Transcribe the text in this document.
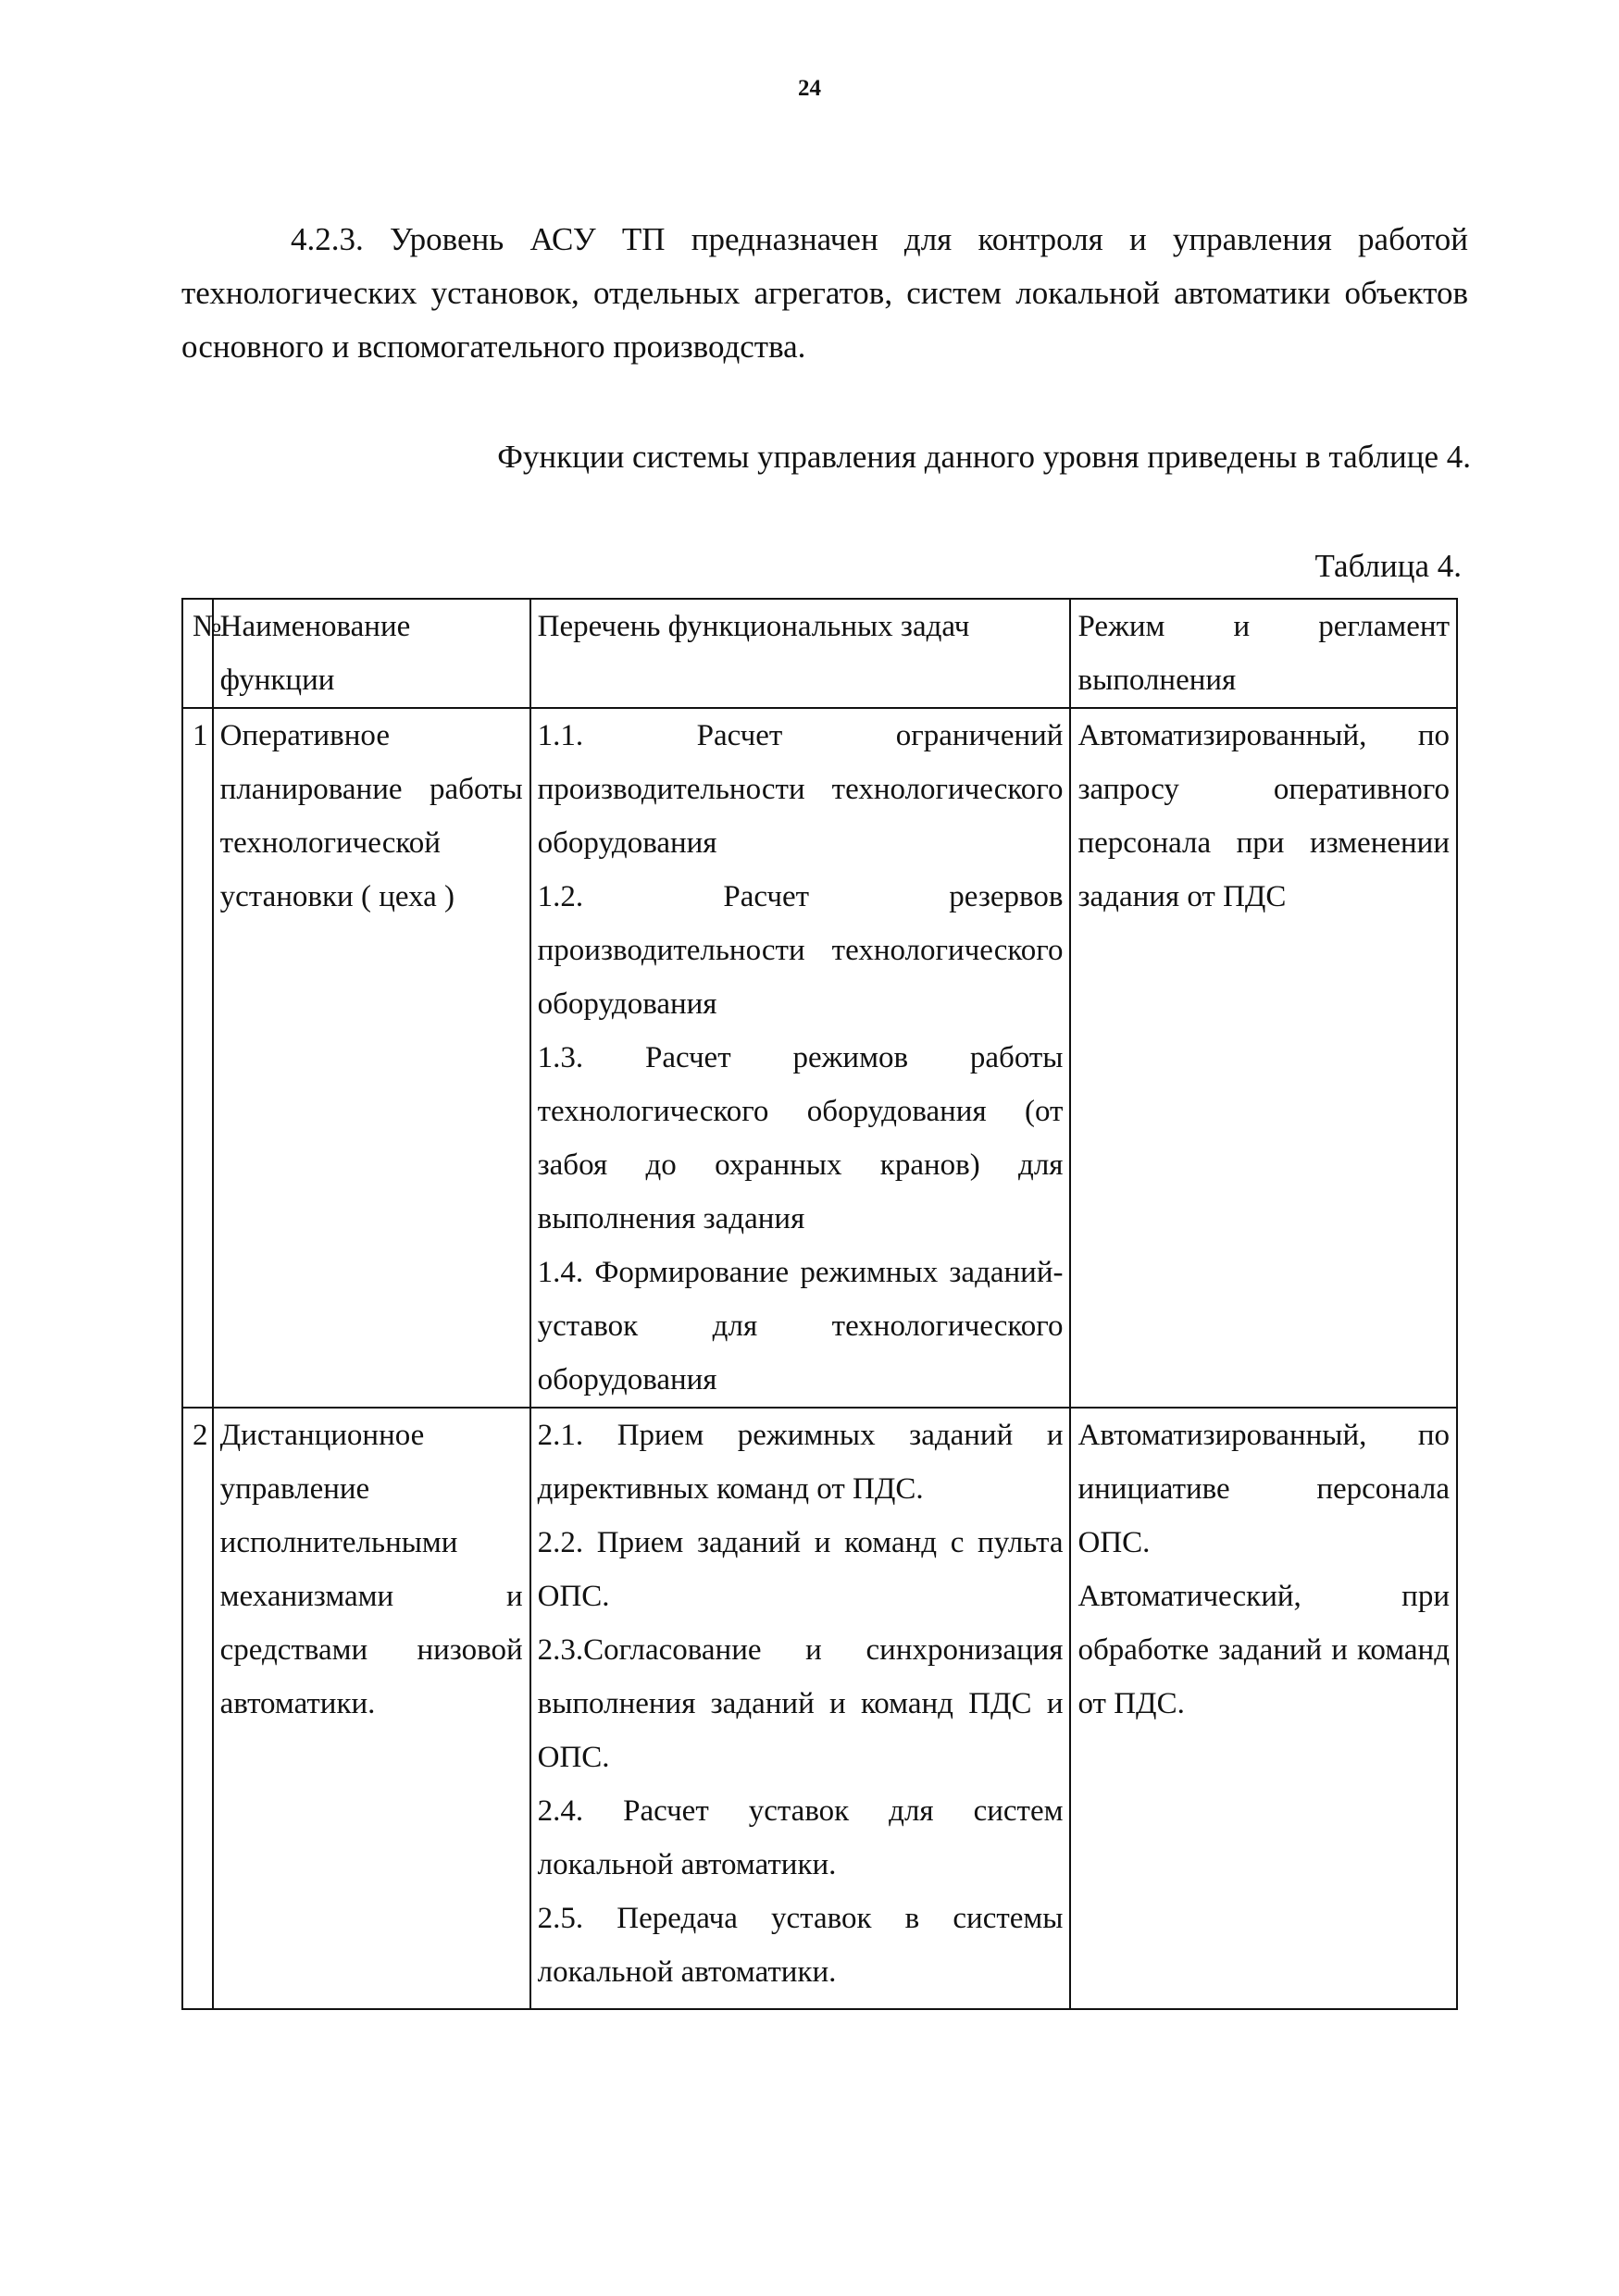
24
4.2.3. Уровень АСУ ТП предназначен для контроля и управления работой технологических установок, отдельных агрегатов, систем локальной автоматики объектов основного и вспомогательного производства.
Функции системы управления данного уровня приведены в таблице 4.
Таблица 4.
№	Наименование функции	Перечень функциональных задач	Режим и регламент выполнения
1	Оперативное планирование работы технологической установки ( цеха )	1.1. Расчет ограничений производительности технологического оборудования
1.2. Расчет резервов производительности технологического оборудования
1.3. Расчет режимов работы технологического оборудования (от забоя до охранных кранов) для выполнения задания
1.4. Формирование режимных заданий-уставок для технологического оборудования	Автоматизированный, по запросу оперативного персонала при изменении задания от ПДС

2	Дистанционное управление исполнительными механизмами и средствами низовой автоматики.	2.1. Прием режимных заданий и директивных команд от ПДС.
2.2. Прием заданий и команд с пульта ОПС.
2.3.Согласование и синхронизация выполнения заданий и команд ПДС и ОПС.
2.4. Расчет уставок для систем локальной автоматики.
2.5. Передача уставок в системы локальной автоматики.	Автоматизированный, по инициативе персонала ОПС.
Автоматический, при обработке заданий и команд от ПДС.
